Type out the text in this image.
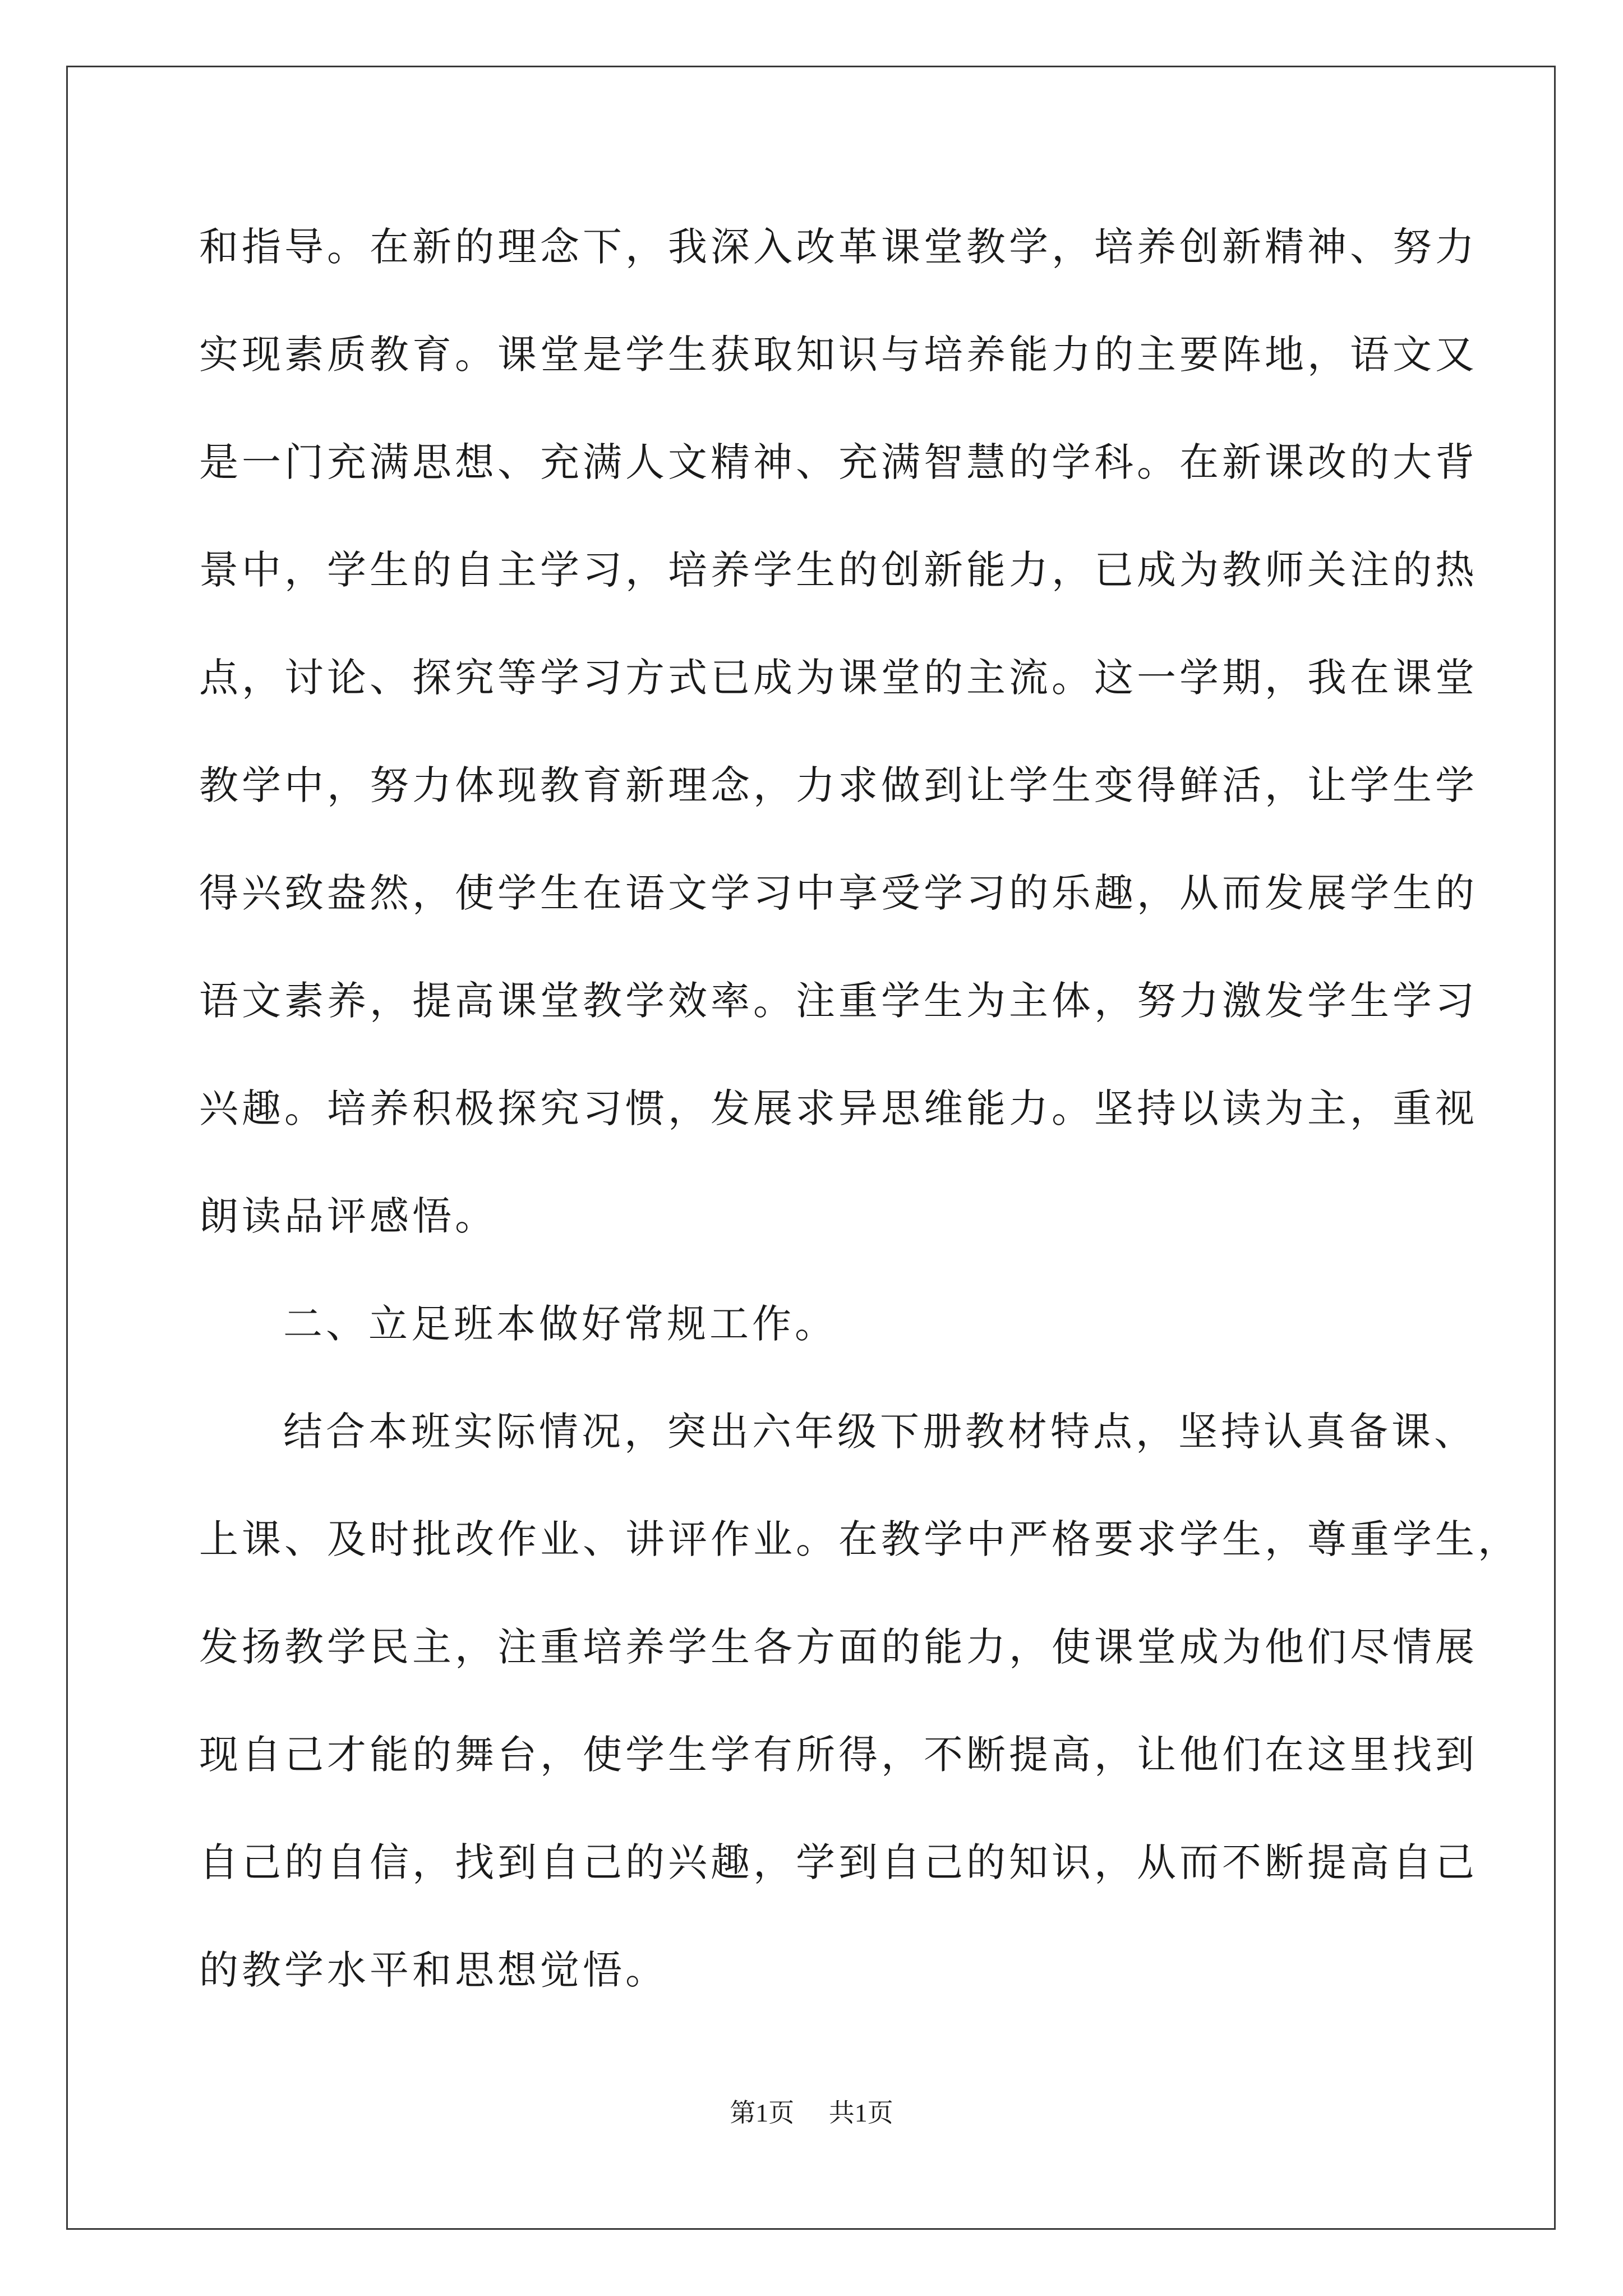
和指导。在新的理念下，我深入改革课堂教学，培养创新精神、努力
实现素质教育。课堂是学生获取知识与培养能力的主要阵地，语文又
是一门充满思想、充满人文精神、充满智慧的学科。在新课改的大背
景中，学生的自主学习，培养学生的创新能力，已成为教师关注的热
点，讨论、探究等学习方式已成为课堂的主流。这一学期，我在课堂
教学中，努力体现教育新理念，力求做到让学生变得鲜活，让学生学
得兴致盎然，使学生在语文学习中享受学习的乐趣，从而发展学生的
语文素养，提高课堂教学效率。注重学生为主体，努力激发学生学习
兴趣。培养积极探究习惯，发展求异思维能力。坚持以读为主，重视
朗读品评感悟。
二、立足班本做好常规工作。
结合本班实际情况，突出六年级下册教材特点，坚持认真备课、
上课、及时批改作业、讲评作业。在教学中严格要求学生，尊重学生，
发扬教学民主，注重培养学生各方面的能力，使课堂成为他们尽情展
现自己才能的舞台，使学生学有所得，不断提高，让他们在这里找到
自己的自信，找到自己的兴趣，学到自己的知识，从而不断提高自己
的教学水平和思想觉悟。
第1页 共1页
